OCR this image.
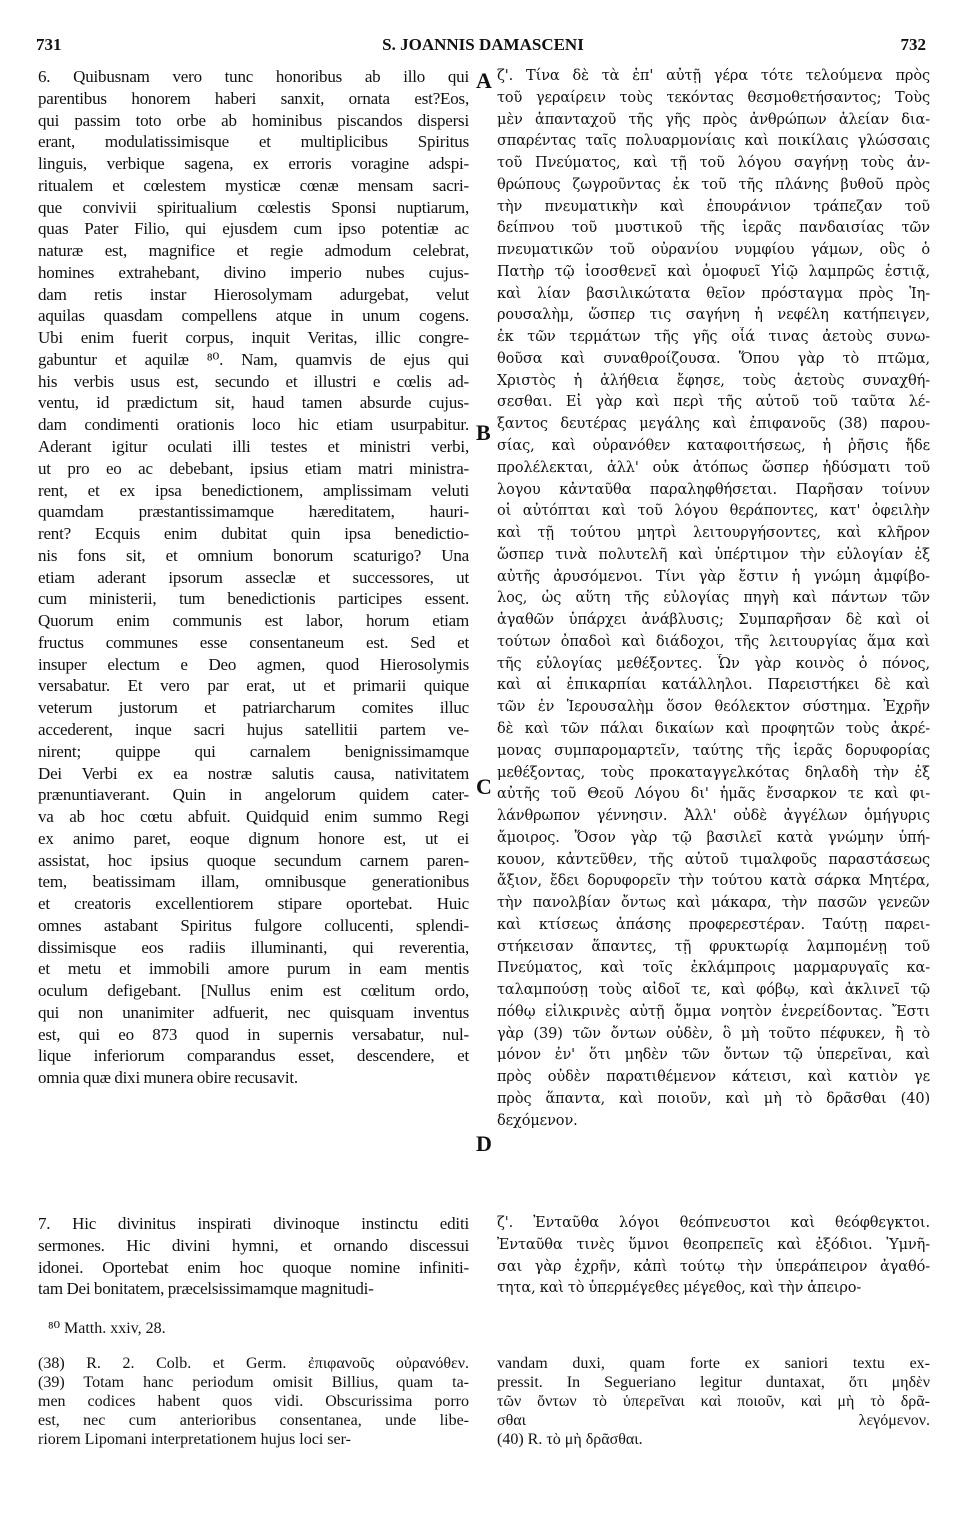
731	S. JOANNIS DAMASCENI	732
6. Quibusnam vero tunc honoribus ab illo qui
parentibus honorem haberi sanxit, ornata est?Eos,
qui passim toto orbe ab hominibus piscandos dispersi
erant, modulatissimisque et multiplicibus Spiritus
linguis, verbique sagena, ex erroris voragine adspi-
ritualem et cœlestem mysticæ cœnæ mensam sacri-
que convivii spiritualium cœlestis Sponsi nuptiarum,
quas Pater Filio, qui ejusdem cum ipso potentiæ ac
naturæ est, magnifice et regie admodum celebrat,
homines extrahebant, divino imperio nubes cujus-
dam retis instar Hierosolymam adurgebat, velut
aquilas quasdam compellens atque in unum cogens.
Ubi enim fuerit corpus, inquit Veritas, illic congre-
gabuntur et aquilæ ⁸⁰. Nam, quamvis de ejus qui
his verbis usus est, secundo et illustri e cœlis ad-
ventu, id prædictum sit, haud tamen absurde cujus-
dam condimenti orationis loco hic etiam usurpabitur.
Aderant igitur oculati illi testes et ministri verbi,
ut pro eo ac debebant, ipsius etiam matri ministra-
rent, et ex ipsa benedictionem, amplissimam veluti
quamdam præstantissimamque hæreditatem, hauri-
rent? Ecquis enim dubitat quin ipsa benedictio-
nis fons sit, et omnium bonorum scaturigo? Una
etiam aderant ipsorum asseclæ et successores, ut
cum ministerii, tum benedictionis participes essent.
Quorum enim communis est labor, horum etiam
fructus communes esse consentaneum est. Sed et
insuper electum e Deo agmen, quod Hierosolymis
versabatur. Et vero par erat, ut et primarii quique
veterum justorum et patriarcharum comites illuc
accederent, inque sacri hujus satellitii partem ve-
nirent; quippe qui carnalem benignissimamque
Dei Verbi ex ea nostræ salutis causa, nativitatem
prænuntiaverant. Quin in angelorum quidem cater-
va ab hoc cœtu abfuit. Quidquid enim summo Regi
ex animo paret, eoque dignum honore est, ut ei
assistat, hoc ipsius quoque secundum carnem paren-
tem, beatissimam illam, omnibusque generationibus
et creatoris excellentiorem stipare oportebat. Huic
omnes astabant Spiritus fulgore collucenti, splendi-
dissimisque eos radiis illuminanti, qui reverentia,
et metu et immobili amore purum in eam mentis
oculum defigebant. [Nullus enim est cœlitum ordo,
qui non unanimiter adfuerit, nec quisquam inventus
est, qui eo 873 quod in supernis versabatur, nul-
lique inferiorum comparandus esset, descendere, et
omnia quæ dixi munera obire recusavit.
7. Hic divinitus inspirati divinoque instinctu editi
sermones. Hic divini hymni, et ornando discessui
idonei. Oportebat enim hoc quoque nomine infiniti-
tam Dei bonitatem, præcelsissimamque magnitudi-
⁸⁰ Matth. xxiv, 28.
ζ'. Τίνα δὲ τὰ ἐπ' αὐτῇ γέρα τότε τελούμενα πρὸς
τοῦ γεραίρειν τοὺς τεκόντας θεσμοθετήσαντος; Τοὺς
μὲν ἁπανταχοῦ τῆς γῆς πρὸς ἀνθρώπων ἁλείαν δια-
σπαρέντας ταῖς πολυαρμονίαις καὶ ποικίλαις γλώσσαις
τοῦ Πνεύματος, καὶ τῇ τοῦ λόγου σαγήνῃ τοὺς ἀν-
θρώπους ζωγροῦντας ἐκ τοῦ τῆς πλάνης βυθοῦ πρὸς
τὴν πνευματικὴν καὶ ἐπουράνιον τράπεζαν τοῦ
δείπνου τοῦ μυστικοῦ τῆς ἱερᾶς πανδαισίας τῶν
πνευματικῶν τοῦ οὐρανίου νυμφίου γάμων, οὓς ὁ
Πατὴρ τῷ ἰσοσθενεῖ καὶ ὁμοφυεῖ Υἱῷ λαμπρῶς ἑστιᾷ,
καὶ λίαν βασιλικώτατα θεῖον πρόσταγμα πρὸς Ἱη-
ρουσαλὴμ, ὥσπερ τις σαγήνη ἡ νεφέλη κατήπειγεν,
ἐκ τῶν τερμάτων τῆς γῆς οἷά τινας ἀετοὺς συνω-
θοῦσα καὶ συναθροίζουσα. Ὅπου γὰρ τὸ πτῶμα,
Χριστὸς ἡ ἀλήθεια ἔφησε, τοὺς ἀετοὺς συναχθή-
σεσθαι. Εἰ γὰρ καὶ περὶ τῆς αὐτοῦ τοῦ ταῦτα λέ-
ξαντος δευτέρας μεγάλης καὶ ἐπιφανοῦς (38) παρου-
σίας, καὶ οὐρανόθεν καταφοιτήσεως, ἡ ῥῆσις ἤδε
προλέλεκται, ἀλλ' οὐκ ἀτόπως ὥσπερ ἡδύσματι τοῦ
λογου κἀνταῦθα παραληφθήσεται. Παρῆσαν τοίνυν
οἱ αὐτόπται καὶ τοῦ λόγου θεράποντες, κατ' ὀφειλὴν
καὶ τῇ τούτου μητρὶ λειτουργήσοντες, καὶ κλῆρον
ὥσπερ τινὰ πολυτελῆ καὶ ὑπέρτιμον τὴν εὐλογίαν ἐξ
αὐτῆς ἀρυσόμενοι. Τίνι γὰρ ἔστιν ἡ γνώμη ἀμφίβο-
λος, ὡς αὕτη τῆς εὐλογίας πηγὴ καὶ πάντων τῶν
ἀγαθῶν ὑπάρχει ἀνάβλυσις; Συμπαρῆσαν δὲ καὶ οἱ
τούτων ὀπαδοὶ καὶ διάδοχοι, τῆς λειτουργίας ἅμα καὶ
τῆς εὐλογίας μεθέξοντες. Ὧν γὰρ κοινὸς ὁ πόνος,
καὶ αἱ ἐπικαρπίαι κατάλληλοι. Παρειστήκει δὲ καὶ
τῶν ἐν Ἱερουσαλὴμ ὅσον θεόλεκτον σύστημα. Ἐχρῆν
δὲ καὶ τῶν πάλαι δικαίων καὶ προφητῶν τοὺς ἀκρέ-
μονας συμπαρομαρτεῖν, ταύτης τῆς ἱερᾶς δορυφορίας
μεθέξοντας, τοὺς προκαταγγελκότας δηλαδὴ τὴν ἐξ
αὐτῆς τοῦ Θεοῦ Λόγου δι' ἡμᾶς ἔνσαρκον τε καὶ φι-
λάνθρωπον γέννησιν. Ἀλλ' οὐδὲ ἀγγέλων ὁμήγυρις
ἄμοιρος. Ὅσον γὰρ τῷ βασιλεῖ κατὰ γνώμην ὑπή-
κουον, κἀντεῦθεν, τῆς αὐτοῦ τιμαλφοῦς παραστάσεως
ἄξιον, ἔδει δορυφορεῖν τὴν τούτου κατὰ σάρκα Μητέρα,
τὴν πανολβίαν ὄντως καὶ μάκαρα, τὴν πασῶν γενεῶν
καὶ κτίσεως ἁπάσης προφερεστέραν. Ταύτῃ παρει-
στήκεισαν ἅπαντες, τῇ φρυκτωρίᾳ λαμπομένῃ τοῦ
Πνεύματος, καὶ τοῖς ἐκλάμπροις μαρμαρυγαῖς κα-
ταλαμπούσῃ τοὺς αἰδοῖ τε, καὶ φόβῳ, καὶ ἀκλινεῖ τῷ
πόθῳ εἰλικρινὲς αὐτῇ ὄμμα νοητὸν ἐνερείδοντας. Ἔστι
γὰρ (39) τῶν ὄντων οὐδὲν, ὃ μὴ τοῦτο πέφυκεν, ἢ τὸ
μόνον ἐν' ὅτι μηδὲν τῶν ὄντων τῷ ὑπερεῖναι, καὶ
πρὸς οὐδὲν παρατιθέμενον κάτεισι, καὶ κατιὸν γε
πρὸς ἅπαντα, καὶ ποιοῦν, καὶ μὴ τὸ δρᾶσθαι (40)
δεχόμενον.
ζ'. Ἐνταῦθα λόγοι θεόπνευστοι καὶ θεόφθεγκτοι.
Ἐνταῦθα τινὲς ὕμνοι θεοπρεπεῖς καὶ ἐξόδιοι. Ὑμνῆ-
σαι γὰρ ἐχρῆν, κἀπὶ τούτῳ τὴν ὑπεράπειρον ἀγαθό-
τητα, καὶ τὸ ὑπερμέγεθες μέγεθος, καὶ τὴν ἀπειρο-
(38) R. 2. Colb. et Germ. ἐπιφανοῦς οὐρανόθεν.
(39) Totam hanc periodum omisit Billius, quam ta-
men codices habent quos vidi. Obscurissima porro
est, nec cum anterioribus consentanea, unde libe-
riorem Lipomani interpretationem hujus loci ser-
vandam duxi, quam forte ex saniori textu ex-
pressit. In Segueriano legitur duntaxat, ὅτι μηδὲν
τῶν ὄντων τὸ ὑπερεῖναι καὶ ποιοῦν, καὶ μὴ τὸ δρᾶ-
σθαι λεγόμενον.
(40) R. τὸ μὴ δρᾶσθαι.
A
B
C
D
